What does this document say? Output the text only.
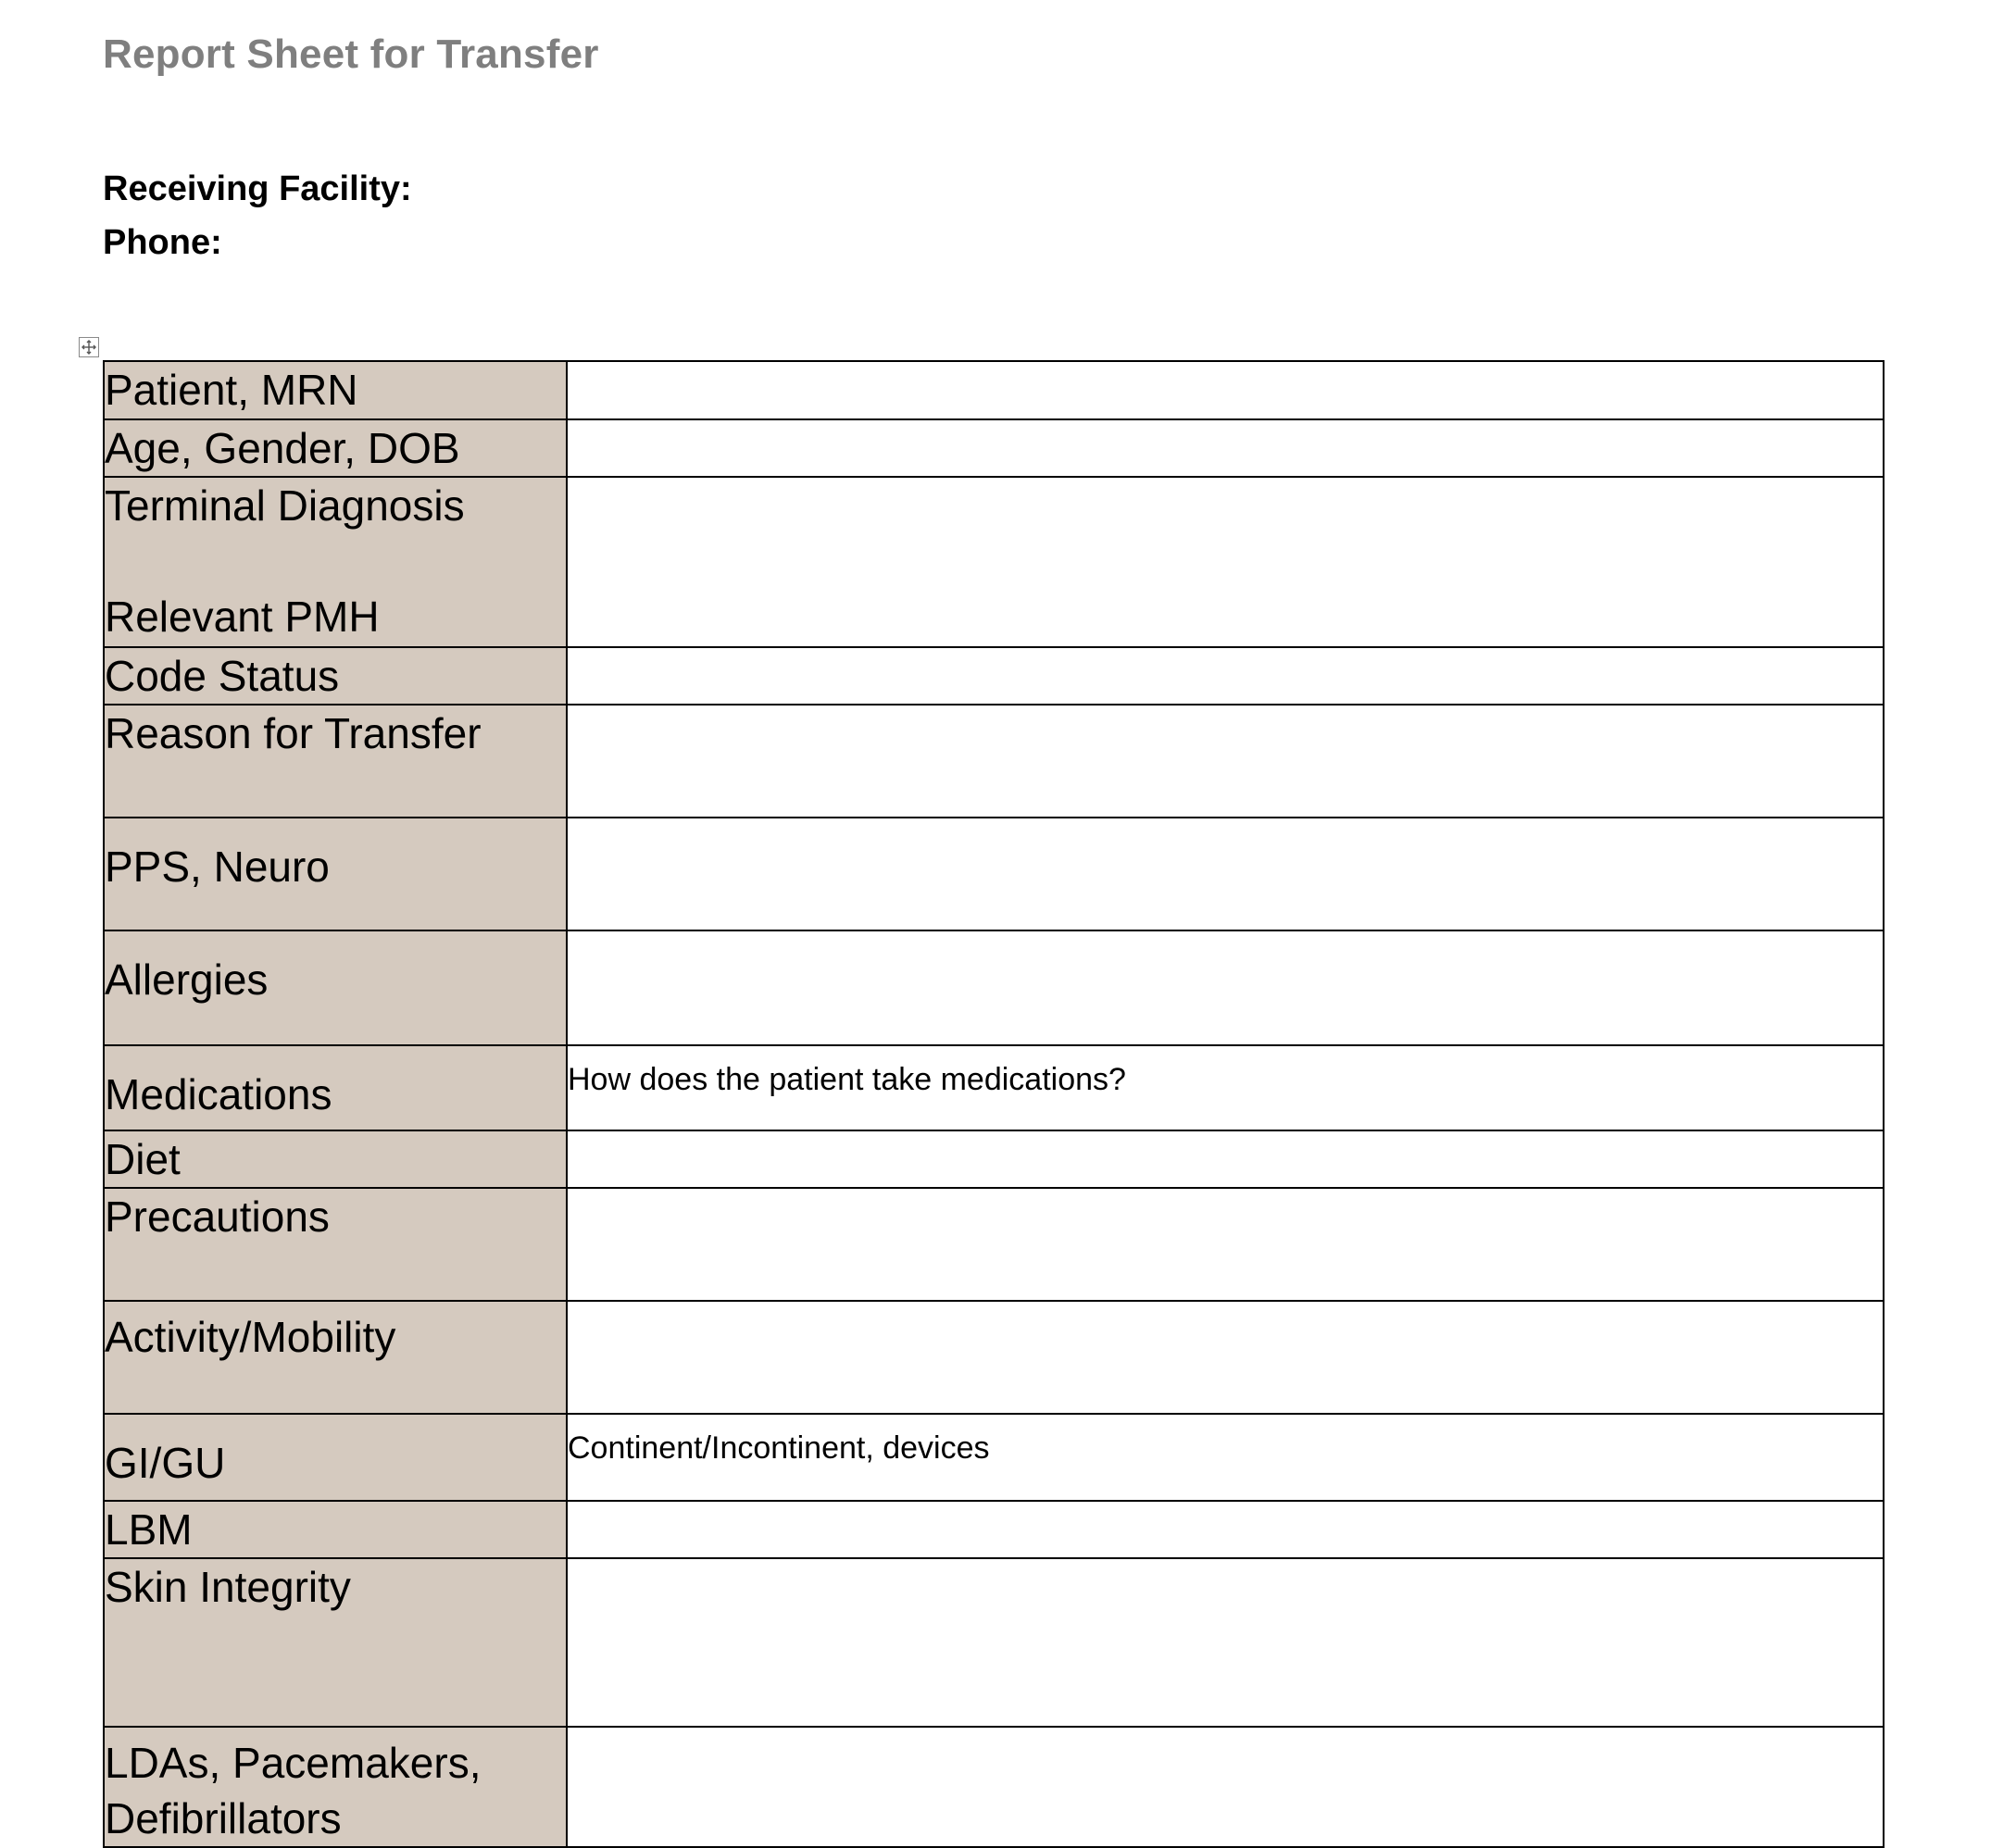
Report Sheet for Transfer
Receiving Facility:
Phone:
Patient, MRN	

Age, Gender, DOB	

Terminal Diagnosis
Relevant PMH	

Code Status	

Reason for Transfer	

PPS, Neuro	

Allergies	

Medications	How does the patient take medications?

Diet	

Precautions	

Activity/Mobility	

GI/GU	Continent/Incontinent, devices

LBM	

Skin Integrity	

LDAs, Pacemakers,
Defibrillators	
